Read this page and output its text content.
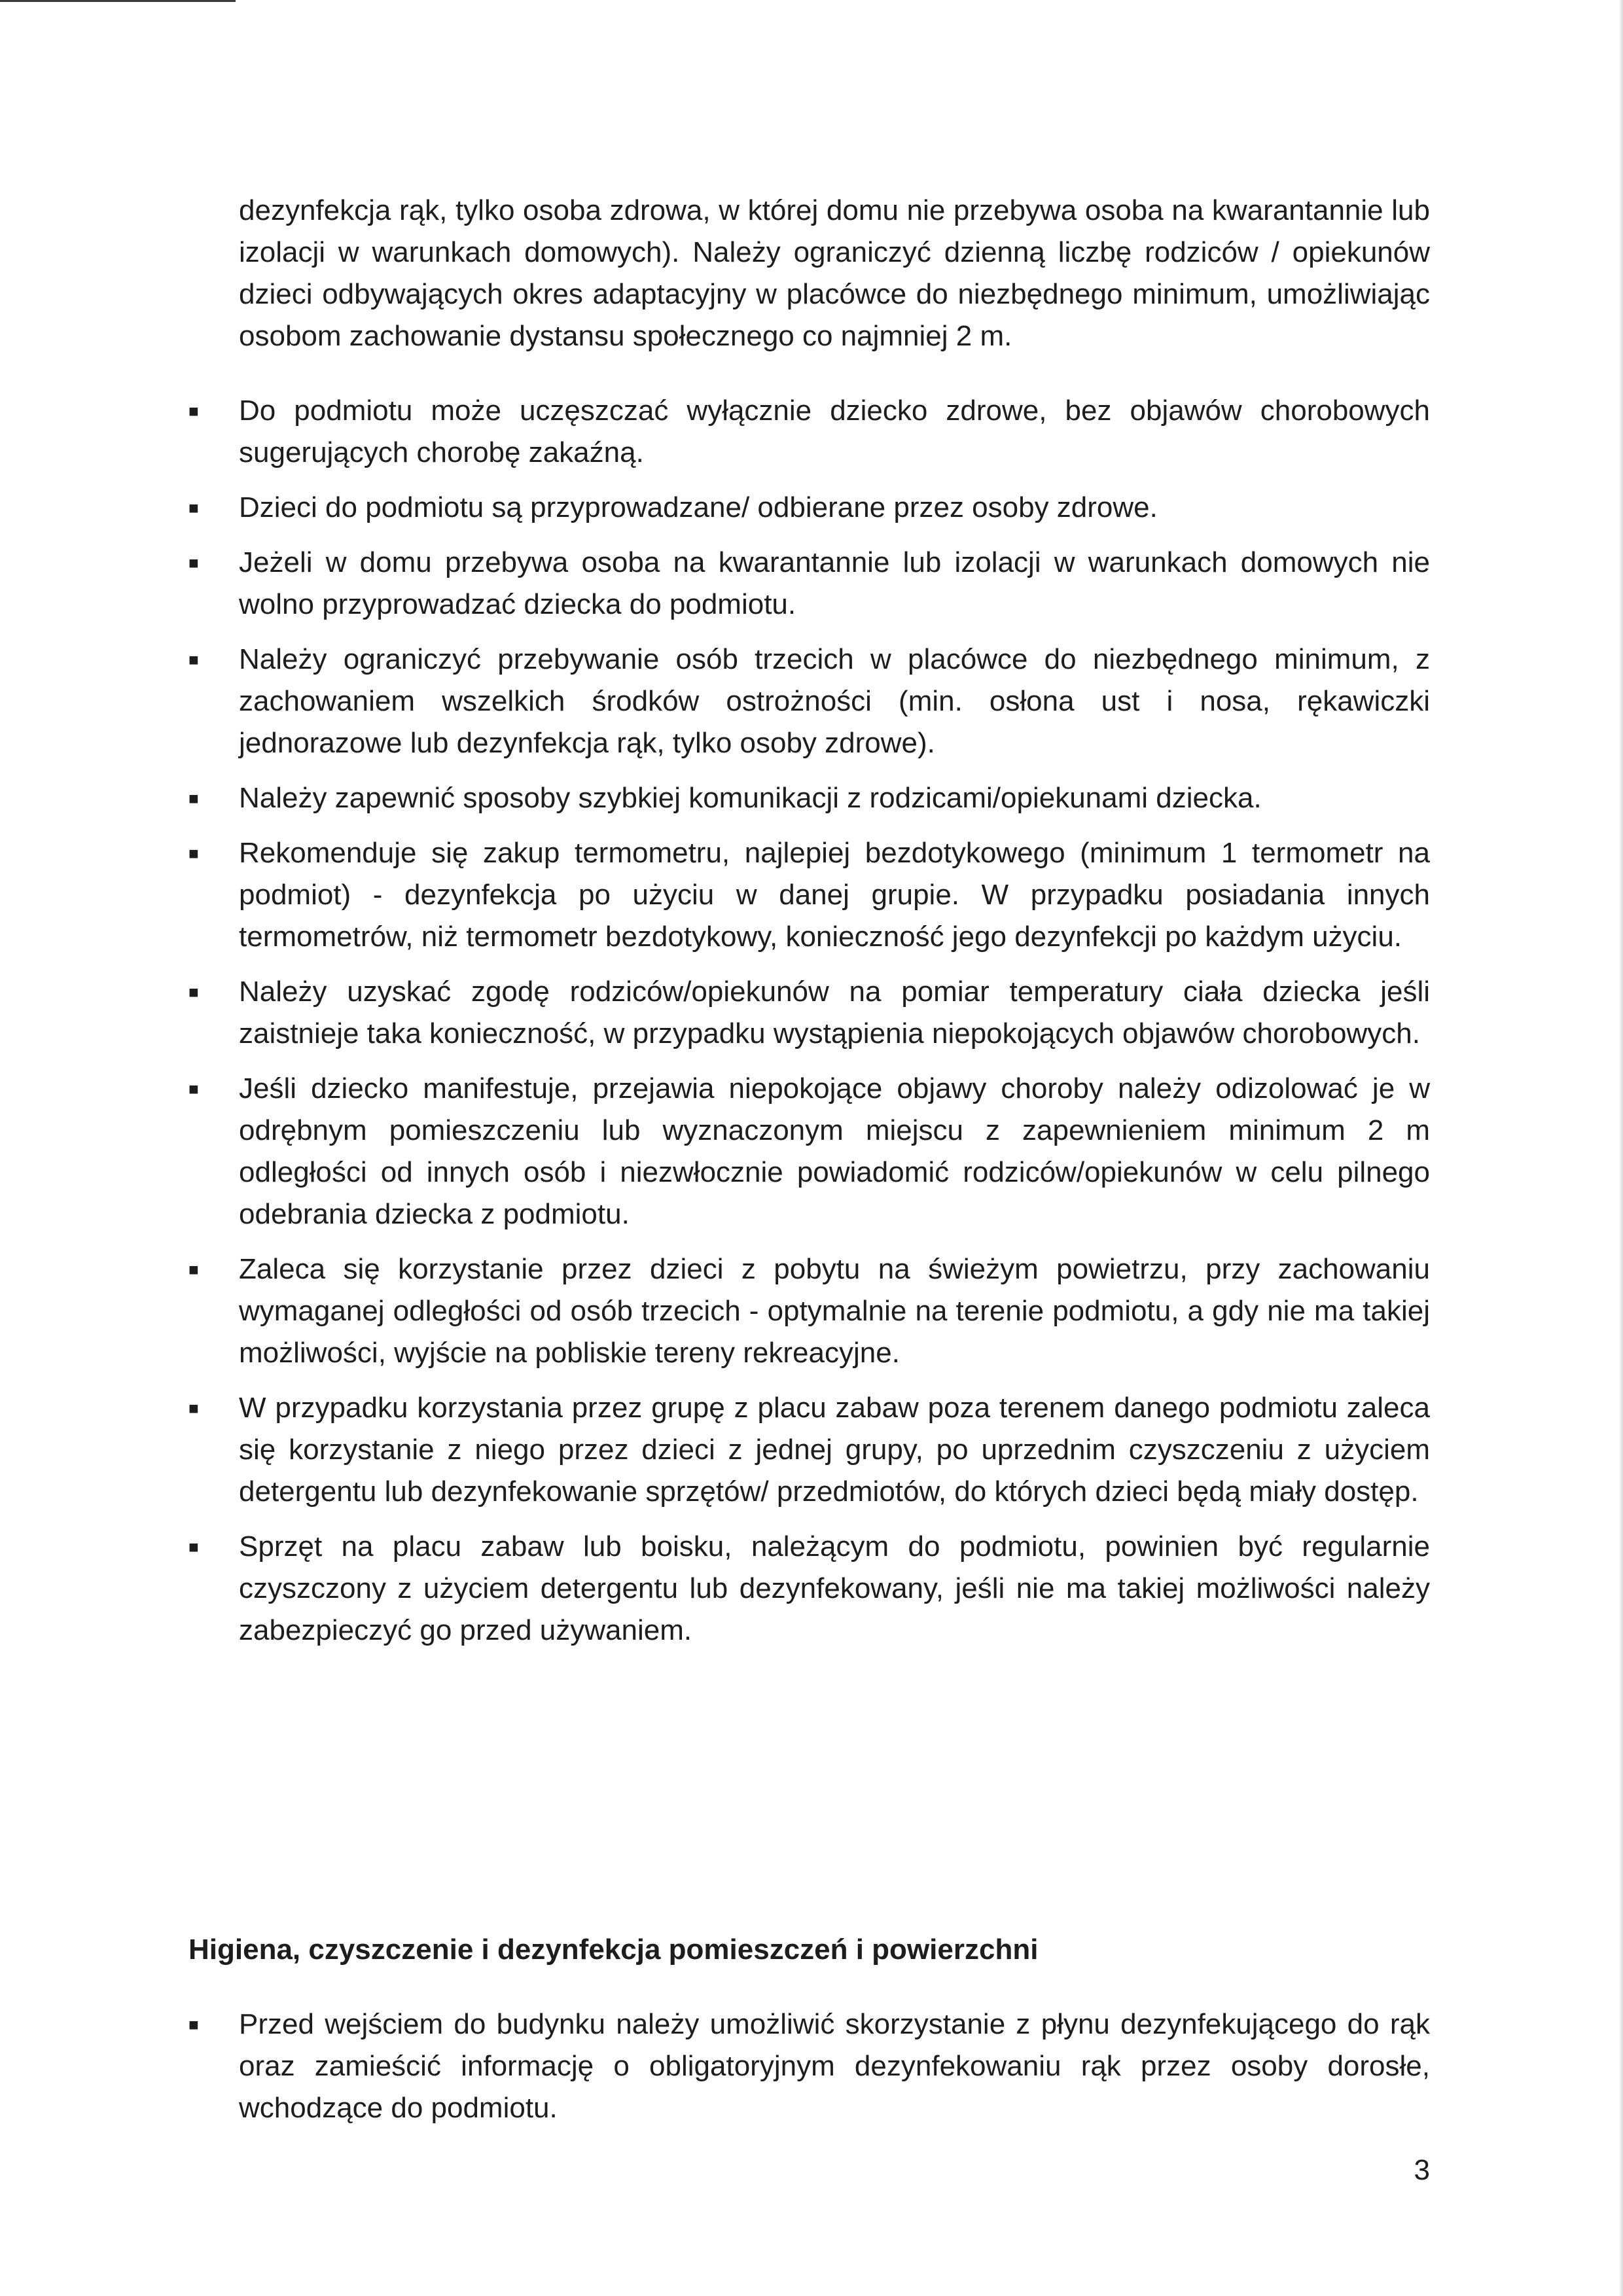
dezynfekcja rąk, tylko osoba zdrowa, w której domu nie przebywa osoba na kwarantannie lub izolacji w warunkach domowych). Należy ograniczyć dzienną liczbę rodziców / opiekunów dzieci odbywających okres adaptacyjny w placówce do niezbędnego minimum, umożliwiając osobom zachowanie dystansu społecznego co najmniej 2 m.

■ Do podmiotu może uczęszczać wyłącznie dziecko zdrowe, bez objawów chorobowych sugerujących chorobę zakaźną.
■ Dzieci do podmiotu są przyprowadzane/ odbierane przez osoby zdrowe.
■ Jeżeli w domu przebywa osoba na kwarantannie lub izolacji w warunkach domowych nie wolno przyprowadzać dziecka do podmiotu.
■ Należy ograniczyć przebywanie osób trzecich w placówce do niezbędnego minimum, z zachowaniem wszelkich środków ostrożności (min. osłona ust i nosa, rękawiczki jednorazowe lub dezynfekcja rąk, tylko osoby zdrowe).
■ Należy zapewnić sposoby szybkiej komunikacji z rodzicami/opiekunami dziecka.
■ Rekomenduje się zakup termometru, najlepiej bezdotykowego (minimum 1 termometr na podmiot) - dezynfekcja po użyciu w danej grupie. W przypadku posiadania innych termometrów, niż termometr bezdotykowy, konieczność jego dezynfekcji po każdym użyciu.
■ Należy uzyskać zgodę rodziców/opiekunów na pomiar temperatury ciała dziecka jeśli zaistnieje taka konieczność, w przypadku wystąpienia niepokojących objawów chorobowych.
■ Jeśli dziecko manifestuje, przejawia niepokojące objawy choroby należy odizolować je w odrębnym pomieszczeniu lub wyznaczonym miejscu z zapewnieniem minimum 2 m odległości od innych osób i niezwłocznie powiadomić rodziców/opiekunów w celu pilnego odebrania dziecka z podmiotu.
■ Zaleca się korzystanie przez dzieci z pobytu na świeżym powietrzu, przy zachowaniu wymaganej odległości od osób trzecich - optymalnie na terenie podmiotu, a gdy nie ma takiej możliwości, wyjście na pobliskie tereny rekreacyjne.
■ W przypadku korzystania przez grupę z placu zabaw poza terenem danego podmiotu zaleca się korzystanie z niego przez dzieci z jednej grupy, po uprzednim czyszczeniu z użyciem detergentu lub dezynfekowanie sprzętów/ przedmiotów, do których dzieci będą miały dostęp.
■ Sprzęt na placu zabaw lub boisku, należącym do podmiotu, powinien być regularnie czyszczony z użyciem detergentu lub dezynfekowany, jeśli nie ma takiej możliwości należy zabezpieczyć go przed używaniem.
Higiena, czyszczenie i dezynfekcja pomieszczeń i powierzchni
■ Przed wejściem do budynku należy umożliwić skorzystanie z płynu dezynfekującego do rąk oraz zamieścić informację o obligatoryjnym dezynfekowaniu rąk przez osoby dorosłe, wchodzące do podmiotu.
3
